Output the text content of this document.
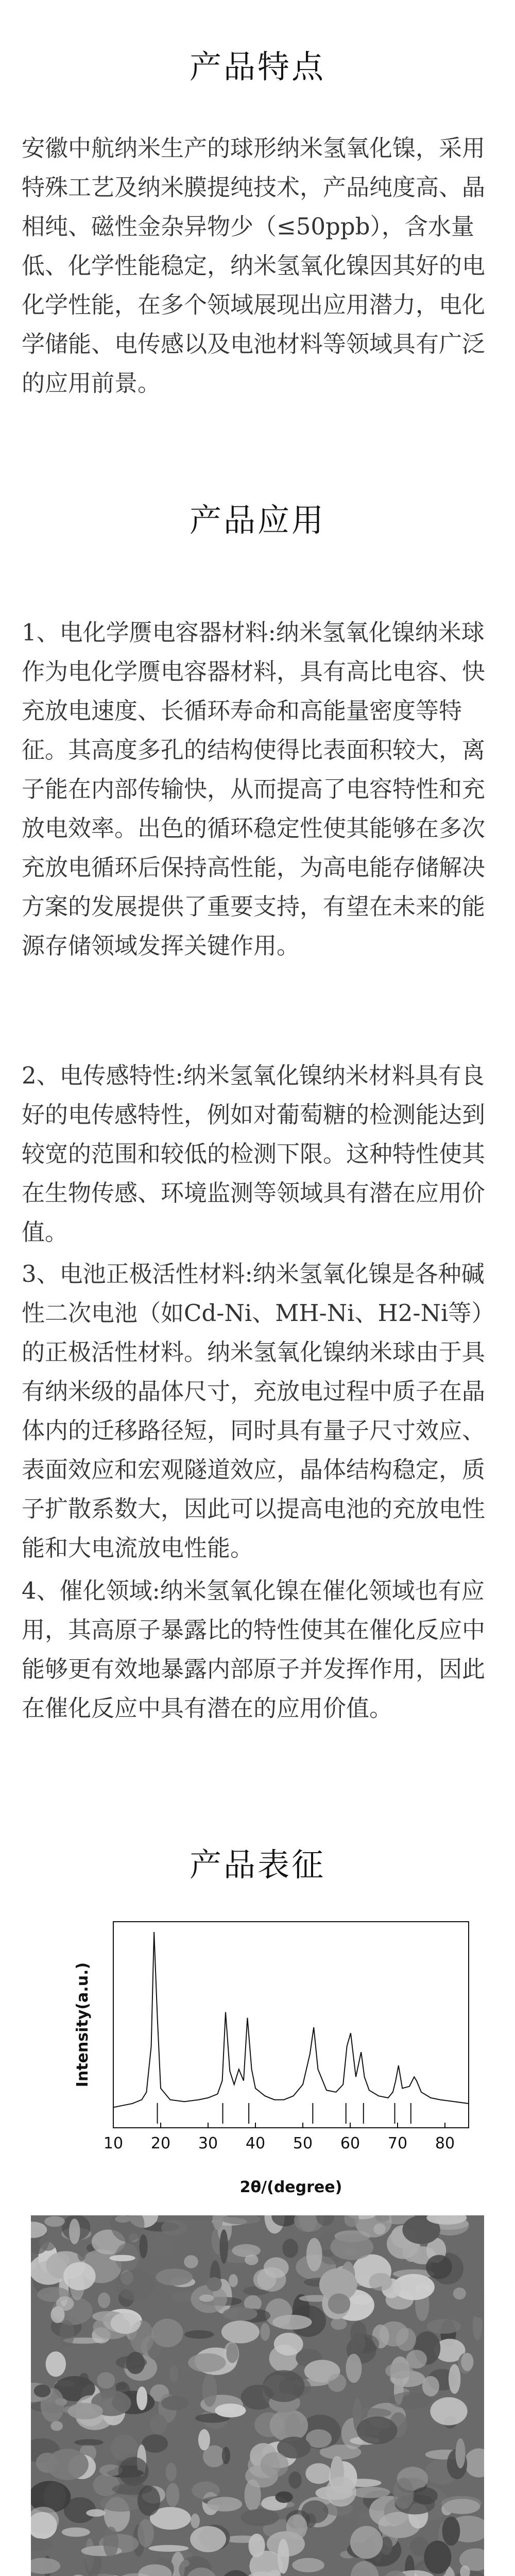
产品特点

安徽中航纳米生产的球形纳米氢氧化镍，采用特殊工艺及纳米膜提纯技术，产品纯度高、晶相纯、磁性金杂异物少（≤50ppb），含水量低、化学性能稳定，纳米氢氧化镍因其好的电化学性能，在多个领域展现出应用潜力，电化学储能、电传感以及电池材料等领域具有广泛的应用前景。

产品应用

1、电化学赝电容器材料:纳米氢氧化镍纳米球作为电化学赝电容器材料，具有高比电容、快充放电速度、长循环寿命和高能量密度等特征。其高度多孔的结构使得比表面积较大，离子能在内部传输快，从而提高了电容特性和充放电效率。出色的循环稳定性使其能够在多次充放电循环后保持高性能，为高电能存储解决方案的发展提供了重要支持，有望在未来的能源存储领域发挥关键作用。

2、电传感特性:纳米氢氧化镍纳米材料具有良好的电传感特性，例如对葡萄糖的检测能达到较宽的范围和较低的检测下限。这种特性使其在生物传感、环境监测等领域具有潜在应用价值。

3、电池正极活性材料:纳米氢氧化镍是各种碱性二次电池（如Cd-Ni、MH-Ni、H2-Ni等）的正极活性材料。纳米氢氧化镍纳米球由于具有纳米级的晶体尺寸，充放电过程中质子在晶体内的迁移路径短，同时具有量子尺寸效应、表面效应和宏观隧道效应，晶体结构稳定，质子扩散系数大，因此可以提高电池的充放电性能和大电流放电性能。

4、催化领域:纳米氢氧化镍在催化领域也有应用，其高原子暴露比的特性使其在催化反应中能够更有效地暴露内部原子并发挥作用，因此在催化反应中具有潜在的应用价值。

产品表征
10 20 30 40 50 60 70 80
2θ/(degree)
Intensity(a.u.)
